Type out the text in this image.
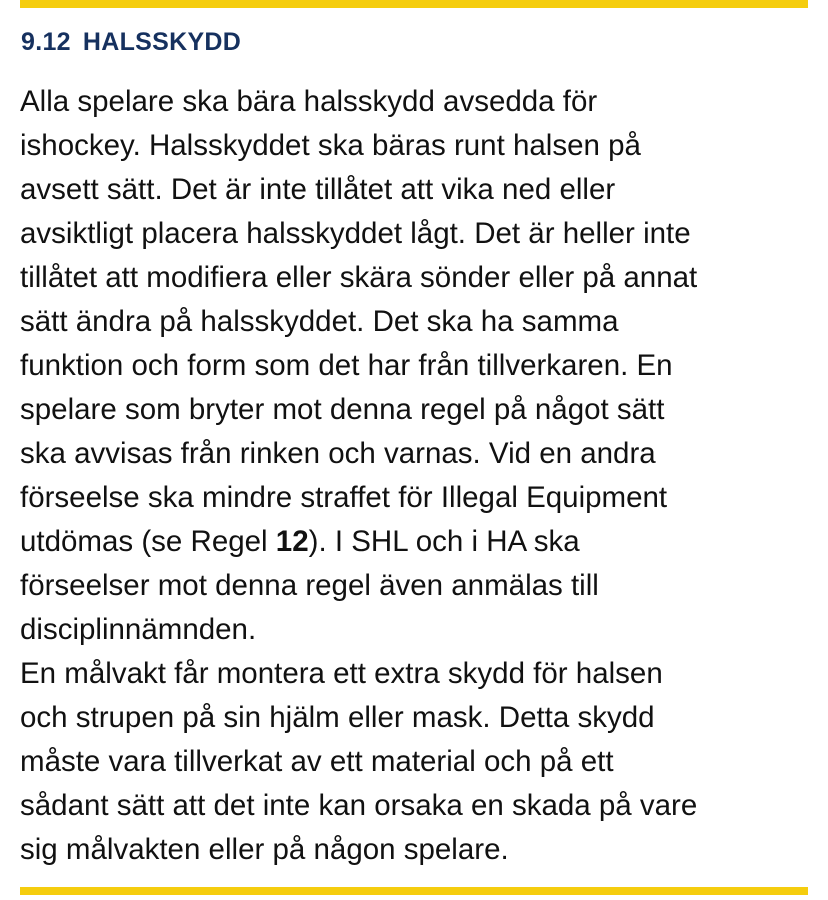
9.12 HALSSKYDD
Alla spelare ska bära halsskydd avsedda för
ishockey. Halsskyddet ska bäras runt halsen på
avsett sätt. Det är inte tillåtet att vika ned eller
avsiktligt placera halsskyddet lågt. Det är heller inte
tillåtet att modifiera eller skära sönder eller på annat
sätt ändra på halsskyddet. Det ska ha samma
funktion och form som det har från tillverkaren. En
spelare som bryter mot denna regel på något sätt
ska avvisas från rinken och varnas. Vid en andra
förseelse ska mindre straffet för Illegal Equipment
utdömas (se Regel 12). I SHL och i HA ska
förseelser mot denna regel även anmälas till
disciplinnämnden.
En målvakt får montera ett extra skydd för halsen
och strupen på sin hjälm eller mask. Detta skydd
måste vara tillverkat av ett material och på ett
sådant sätt att det inte kan orsaka en skada på vare
sig målvakten eller på någon spelare.
